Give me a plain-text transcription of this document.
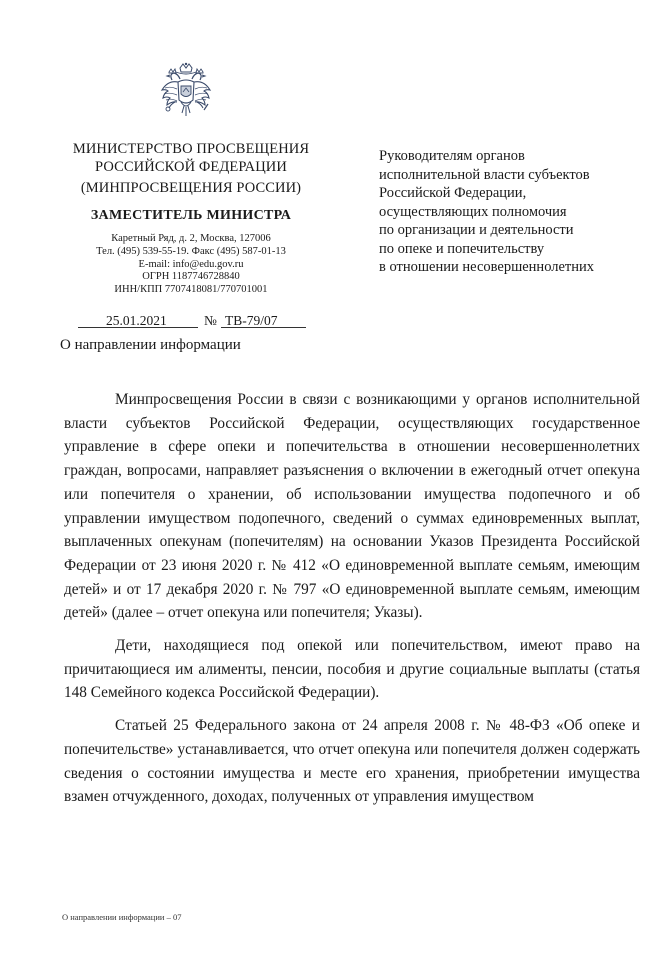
МИНИСТЕРСТВО ПРОСВЕЩЕНИЯ
РОССИЙСКОЙ ФЕДЕРАЦИИ
(МИНПРОСВЕЩЕНИЯ РОССИИ)
ЗАМЕСТИТЕЛЬ МИНИСТРА
Каретный Ряд, д. 2, Москва, 127006
Тел. (495) 539-55-19. Факс (495) 587-01-13
E-mail: info@edu.gov.ru
ОГРН 1187746728840
ИНН/КПП 7707418081/770701001
Руководителям органов
исполнительной власти субъектов
Российской Федерации,
осуществляющих полномочия
по организации и деятельности
по опеке и попечительству
в отношении несовершеннолетних
25.01.2021	№ ТВ-79/07
О направлении информации

Минпросвещения России в связи с возникающими у органов исполнительной власти субъектов Российской Федерации, осуществляющих государственное управление в сфере опеки и попечительства в отношении несовершеннолетних граждан, вопросами, направляет разъяснения о включении в ежегодный отчет опекуна или попечителя о хранении, об использовании имущества подопечного и об управлении имуществом подопечного, сведений о суммах единовременных выплат, выплаченных опекунам (попечителям) на основании Указов Президента Российской Федерации от 23 июня 2020 г. № 412 «О единовременной выплате семьям, имеющим детей» и от 17 декабря 2020 г. № 797 «О единовременной выплате семьям, имеющим детей» (далее – отчет опекуна или попечителя; Указы).

Дети, находящиеся под опекой или попечительством, имеют право на причитающиеся им алименты, пенсии, пособия и другие социальные выплаты (статья 148 Семейного кодекса Российской Федерации).

Статьей 25 Федерального закона от 24 апреля 2008 г. № 48-ФЗ «Об опеке и попечительстве» устанавливается, что отчет опекуна или попечителя должен содержать сведения о состоянии имущества и месте его хранения, приобретении имущества взамен отчужденного, доходах, полученных от управления имуществом

О направлении информации – 07
